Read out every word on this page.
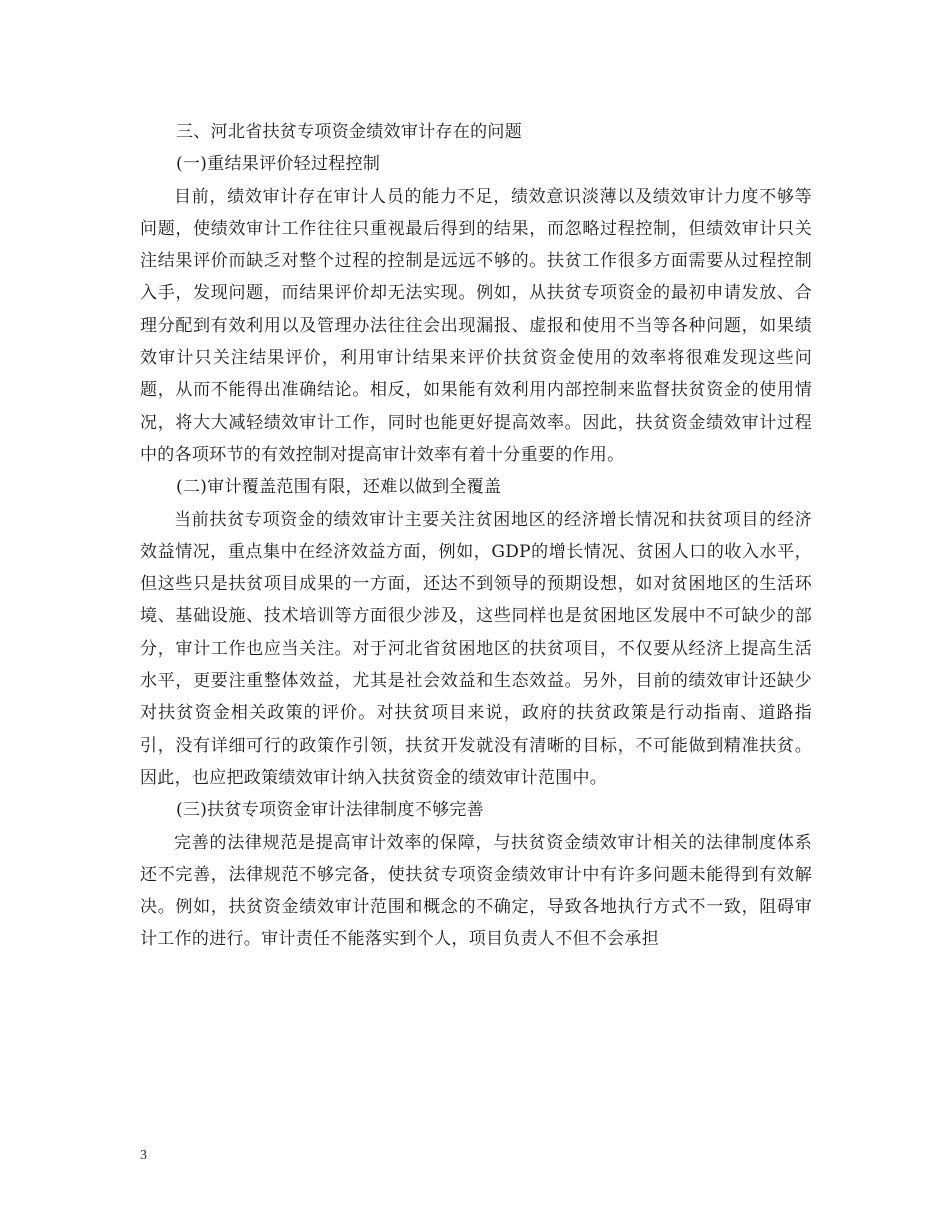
三、河北省扶贫专项资金绩效审计存在的问题

(一)重结果评价轻过程控制

目前，绩效审计存在审计人员的能力不足，绩效意识淡薄以及绩效审计力度不够等问题，使绩效审计工作往往只重视最后得到的结果，而忽略过程控制，但绩效审计只关注结果评价而缺乏对整个过程的控制是远远不够的。扶贫工作很多方面需要从过程控制入手，发现问题，而结果评价却无法实现。例如，从扶贫专项资金的最初申请发放、合理分配到有效利用以及管理办法往往会出现漏报、虚报和使用不当等各种问题，如果绩效审计只关注结果评价，利用审计结果来评价扶贫资金使用的效率将很难发现这些问题，从而不能得出准确结论。相反，如果能有效利用内部控制来监督扶贫资金的使用情况，将大大减轻绩效审计工作，同时也能更好提高效率。因此，扶贫资金绩效审计过程中的各项环节的有效控制对提高审计效率有着十分重要的作用。

(二)审计覆盖范围有限，还难以做到全覆盖

当前扶贫专项资金的绩效审计主要关注贫困地区的经济增长情况和扶贫项目的经济效益情况，重点集中在经济效益方面，例如，GDP的增长情况、贫困人口的收入水平，但这些只是扶贫项目成果的一方面，还达不到领导的预期设想，如对贫困地区的生活环境、基础设施、技术培训等方面很少涉及，这些同样也是贫困地区发展中不可缺少的部分，审计工作也应当关注。对于河北省贫困地区的扶贫项目，不仅要从经济上提高生活水平，更要注重整体效益，尤其是社会效益和生态效益。另外，目前的绩效审计还缺少对扶贫资金相关政策的评价。对扶贫项目来说，政府的扶贫政策是行动指南、道路指引，没有详细可行的政策作引领，扶贫开发就没有清晰的目标，不可能做到精准扶贫。因此，也应把政策绩效审计纳入扶贫资金的绩效审计范围中。

(三)扶贫专项资金审计法律制度不够完善

完善的法律规范是提高审计效率的保障，与扶贫资金绩效审计相关的法律制度体系还不完善，法律规范不够完备，使扶贫专项资金绩效审计中有许多问题未能得到有效解决。例如，扶贫资金绩效审计范围和概念的不确定，导致各地执行方式不一致，阻碍审计工作的进行。审计责任不能落实到个人，项目负责人不但不会承担

3
